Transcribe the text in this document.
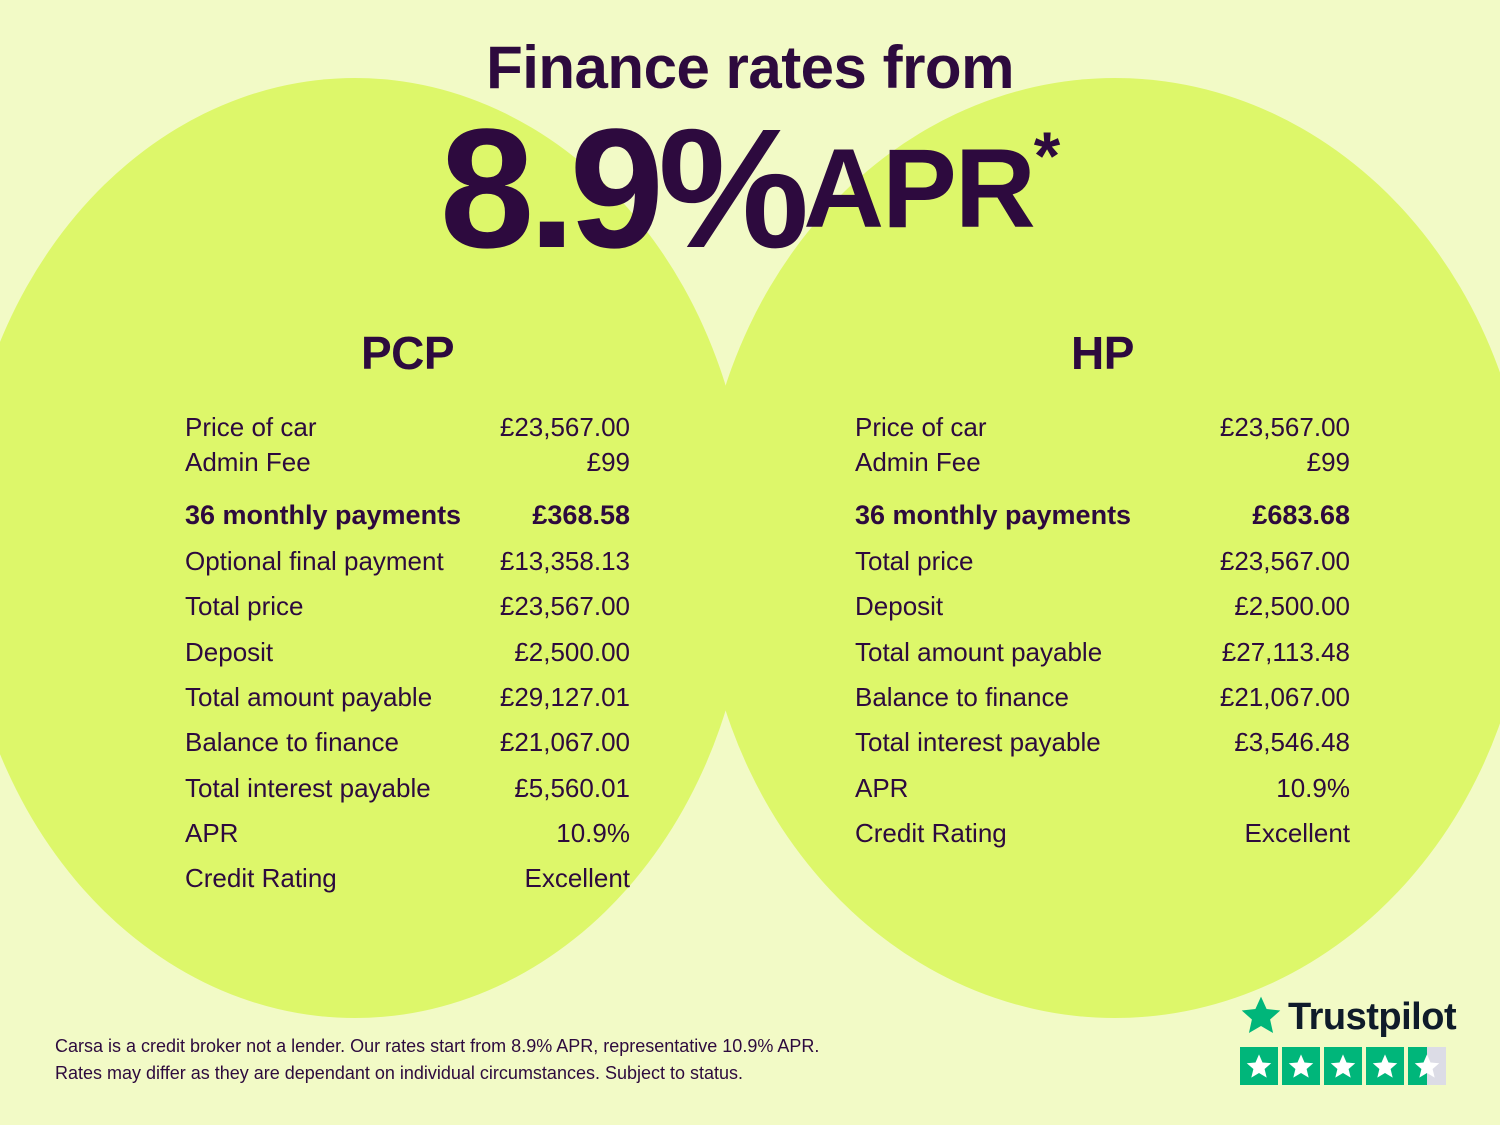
Finance rates from
8.9%APR*
PCP
Price of car	£23,567.00
Admin Fee	£99
36 monthly payments	£368.58
Optional final payment £13,358.13
Total price	£23,567.00
Deposit	£2,500.00
Total amount payable	£29,127.01
Balance to finance	£21,067.00
Total interest payable	£5,560.01
APR	10.9%
Credit Rating	Excellent
HP
Price of car	£23,567.00
Admin Fee	£99
36 monthly payments	£683.68
Total price	£23,567.00
Deposit	£2,500.00
Total amount payable	£27,113.48
Balance to finance	£21,067.00
Total interest payable	£3,546.48
APR	10.9%
Credit Rating	Excellent
Carsa is a credit broker not a lender. Our rates start from 8.9% APR, representative 10.9% APR.
Rates may differ as they are dependant on individual circumstances. Subject to status.
Trustpilot
